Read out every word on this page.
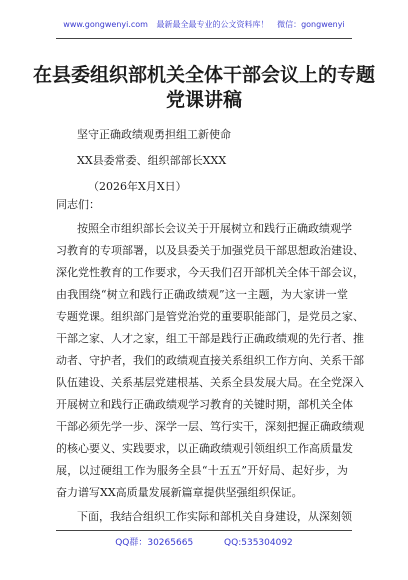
www.gongwenyi.com 最新最全最专业的公文资料库！ 微信：gongwenyi
在县委组织部机关全体干部会议上的专题
党课讲稿
坚守正确政绩观勇担组工新使命
XX县委常委、组织部部长XXX
（2026年X月X日）
同志们：
按照全市组织部长会议关于开展树立和践行正确政绩观学
习教育的专项部署，以及县委关于加强党员干部思想政治建设、
深化党性教育的工作要求，今天我们召开部机关全体干部会议，
由我围绕“树立和践行正确政绩观”这一主题，为大家讲一堂
专题党课。组织部门是管党治党的重要职能部门，是党员之家、
干部之家、人才之家，组工干部是践行正确政绩观的先行者、推
动者、守护者，我们的政绩观直接关系组织工作方向、关系干部
队伍建设、关系基层党建根基、关系全县发展大局。在全党深入
开展树立和践行正确政绩观学习教育的关键时期，部机关全体
干部必须先学一步、深学一层、笃行实干，深刻把握正确政绩观
的核心要义、实践要求，以正确政绩观引领组织工作高质量发
展，以过硬组工作为服务全县“十五五”开好局、起好步，为
奋力谱写XX高质量发展新篇章提供坚强组织保证。
下面，我结合组织工作实际和部机关自身建设，从深刻领
QQ群：30265665	QQ:535304092
